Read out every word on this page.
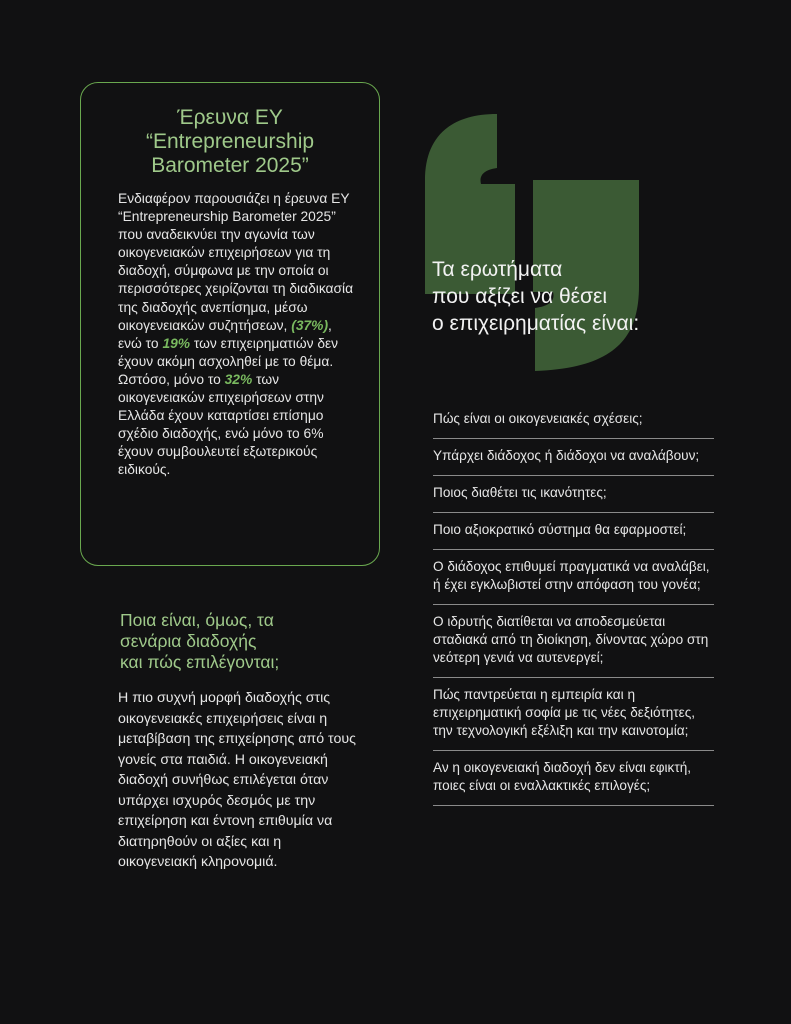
Έρευνα EY
“Entrepreneurship
Barometer 2025”

Ενδιαφέρον παρουσιάζει η έρευνα EY “Entrepreneurship Barometer 2025” που αναδεικνύει την αγωνία των οικογενειακών επιχειρήσεων για τη διαδοχή, σύμφωνα με την οποία οι περισσότερες χειρίζονται τη διαδικασία της διαδοχής ανεπίσημα, μέσω οικογενειακών συζητήσεων, (37%), ενώ το 19% των επιχειρηματιών δεν έχουν ακόμη ασχοληθεί με το θέμα. Ωστόσο, μόνο το 32% των οικογενειακών επιχειρήσεων στην Ελλάδα έχουν καταρτίσει επίσημο σχέδιο διαδοχής, ενώ μόνο το 6% έχουν συμβουλευτεί εξωτερικούς ειδικούς.

Τα ερωτήματα
που αξίζει να θέσει
ο επιχειρηματίας είναι:
Πώς είναι οι οικογενειακές σχέσεις;
Υπάρχει διάδοχος ή διάδοχοι να αναλάβουν;
Ποιος διαθέτει τις ικανότητες;
Ποιο αξιοκρατικό σύστημα θα εφαρμοστεί;
Ο διάδοχος επιθυμεί πραγματικά να αναλάβει, ή έχει εγκλωβιστεί στην απόφαση του γονέα;
Ο ιδρυτής διατίθεται να αποδεσμεύεται σταδιακά από τη διοίκηση, δίνοντας χώρο στη νεότερη γενιά να αυτενεργεί;
Πώς παντρεύεται η εμπειρία και η επιχειρηματική σοφία με τις νέες δεξιότητες, την τεχνολογική εξέλιξη και την καινοτομία;
Αν η οικογενειακή διαδοχή δεν είναι εφικτή, ποιες είναι οι εναλλακτικές επιλογές;
Ποια είναι, όμως, τα
σενάρια διαδοχής
και πώς επιλέγονται;

Η πιο συχνή μορφή διαδοχής στις οικογενειακές επιχειρήσεις είναι η μεταβίβαση της επιχείρησης από τους γονείς στα παιδιά. Η οικογενειακή διαδοχή συνήθως επιλέγεται όταν υπάρχει ισχυρός δεσμός με την επιχείρηση και έντονη επιθυμία να διατηρηθούν οι αξίες και η οικογενειακή κληρονομιά.
